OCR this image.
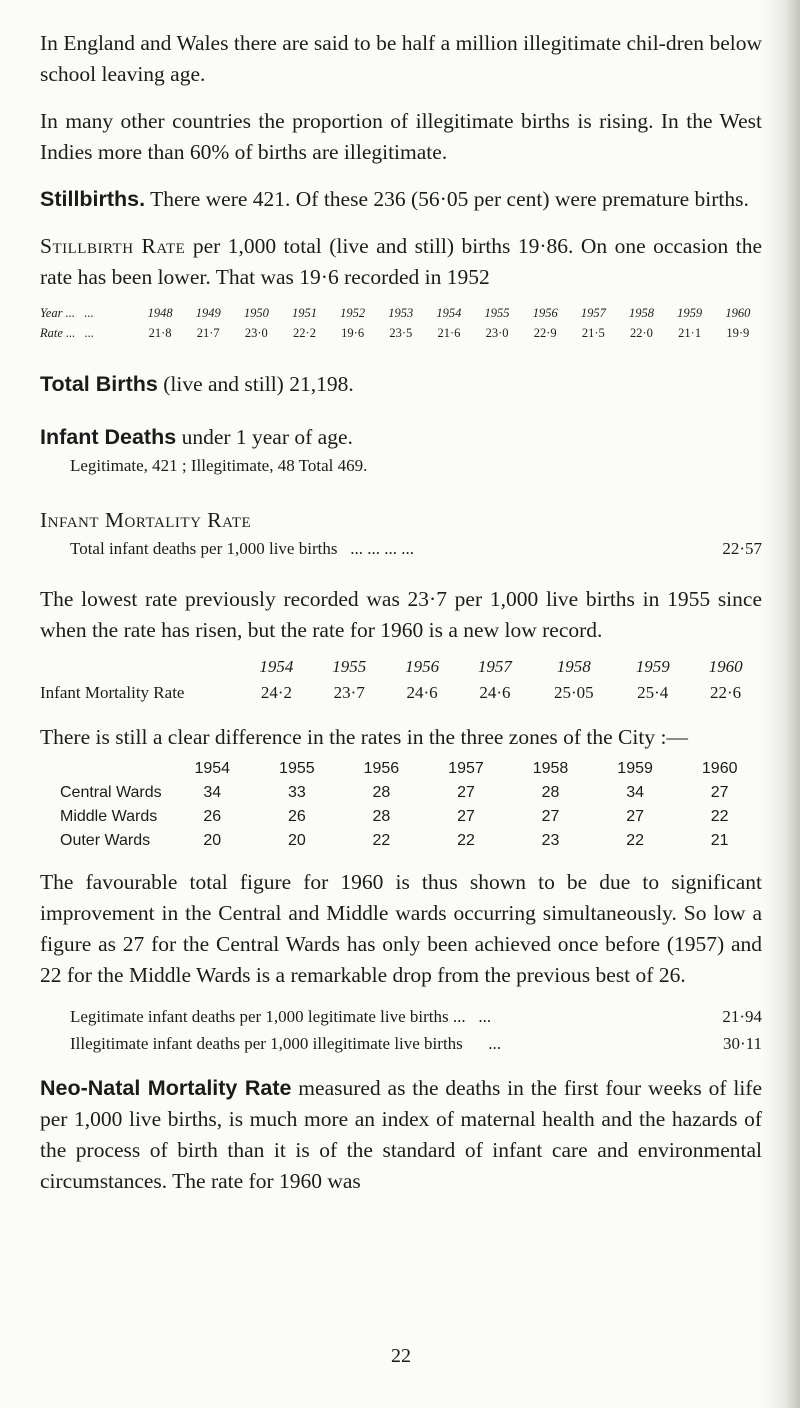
In England and Wales there are said to be half a million illegitimate chil-dren below school leaving age.

In many other countries the proportion of illegitimate births is rising. In the West Indies more than 60% of births are illegitimate.

Stillbirths. There were 421. Of these 236 (56·05 per cent) were premature births.

Stillbirth Rate per 1,000 total (live and still) births 19·86. On one occasion the rate has been lower. That was 19·6 recorded in 1952

Year ... ...	1948	1949	1950	1951	1952	1953	1954	1955	1956	1957	1958	1959	1960
Rate ... ...	21·8	21·7	23·0	22·2	19·6	23·5	21·6	23·0	22·9	21·5	22·0	21·1	19·9

Total Births (live and still) 21,198.

Infant Deaths under 1 year of age.

Legitimate, 421 ; Illegitimate, 48 Total 469.

Infant Mortality Rate

Total infant deaths per 1,000 live births ... ... ... ...	22·57

The lowest rate previously recorded was 23·7 per 1,000 live births in 1955 since when the rate has risen, but the rate for 1960 is a new low record.

	1954	1955	1956	1957	1958	1959	1960
Infant Mortality Rate	24·2	23·7	24·6	24·6	25·05	25·4	22·6

There is still a clear difference in the rates in the three zones of the City :—

	1954	1955	1956	1957	1958	1959	1960
Central Wards	34	33	28	27	28	34	27
Middle Wards	26	26	28	27	27	27	22
Outer Wards	20	20	22	22	23	22	21

The favourable total figure for 1960 is thus shown to be due to significant improvement in the Central and Middle wards occurring simultaneously. So low a figure as 27 for the Central Wards has only been achieved once before (1957) and 22 for the Middle Wards is a remarkable drop from the previous best of 26.

Legitimate infant deaths per 1,000 legitimate live births ... ...	21·94
Illegitimate infant deaths per 1,000 illegitimate live births ...	30·11

Neo-Natal Mortality Rate measured as the deaths in the first four weeks of life per 1,000 live births, is much more an index of maternal health and the hazards of the process of birth than it is of the standard of infant care and environmental circumstances. The rate for 1960 was

22
